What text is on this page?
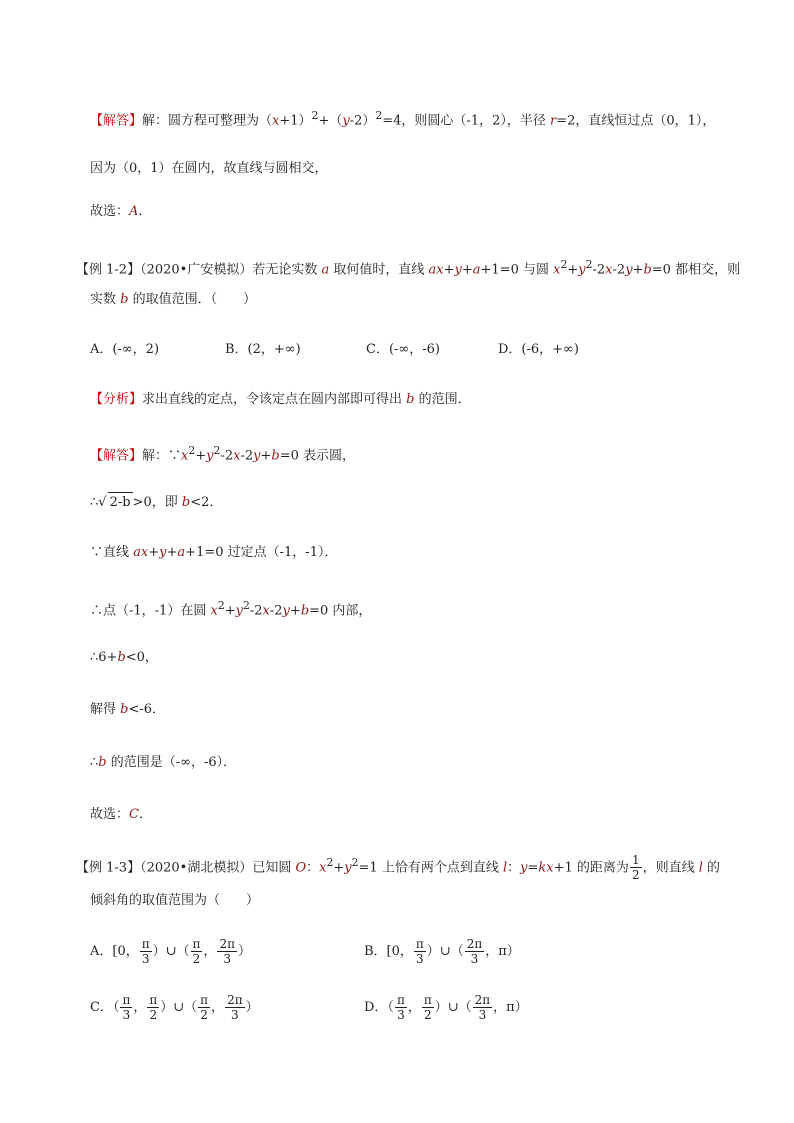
【解答】解：圆方程可整理为$(x+1)^2+(y-2)^2=4$，则圆心（-1，2），半径 r=2，直线恒过点（0，1），
因为（0，1）在圆内，故直线与圆相交，
故选：A．
【例 1-2】（2020•广安模拟）若无论实数 a 取何值时，直线 ax+y+a+1=0 与圆 $x^2+y^2-2x-2y+b=0$ 都相交，则
实数 b 的取值范围．（　　）
A．(-∞，2)	B．(2，+∞)	C．(-∞，-6)	D．(-6，+∞)
【分析】求出直线的定点，令该定点在圆内部即可得出 b 的范围．
【解答】解：$\because x^2+y^2-2x-2y+b=0$ 表示圆，
∴√ 2-b >0，即 b<2．
∵直线 ax+y+a+1=0 过定点（-1，-1）．
∴点（-1，-1）在圆 $x^2+y^2-2x-2y+b=0$ 内部，
∴6+b<0，
解得 b<-6．
∴b 的范围是（-∞，-6）．
故选：C．
【例 1-3】（2020•湖北模拟）已知圆 O：$x^2+y^2=1$ 上恰有两个点到直线 l：y=kx+1 的距离为 $\frac{1}{2}$ ，则直线 l 的
倾斜角的取值范围为（　　）
A．[0， $\frac{\pi}{3}$ ）∪（ $\frac{\pi}{2}$ ， $\frac{2\pi}{3}$ ）	B．[0， $\frac{\pi}{3}$ ）∪（ $\frac{2\pi}{3}$ ，π）
C．（ $\frac{\pi}{3}$ ， $\frac{\pi}{2}$ ）∪（ $\frac{\pi}{2}$ ， $\frac{2\pi}{3}$ ）	D．（ $\frac{\pi}{3}$ ， $\frac{\pi}{2}$ ）∪（ $\frac{2\pi}{3}$ ，π）
